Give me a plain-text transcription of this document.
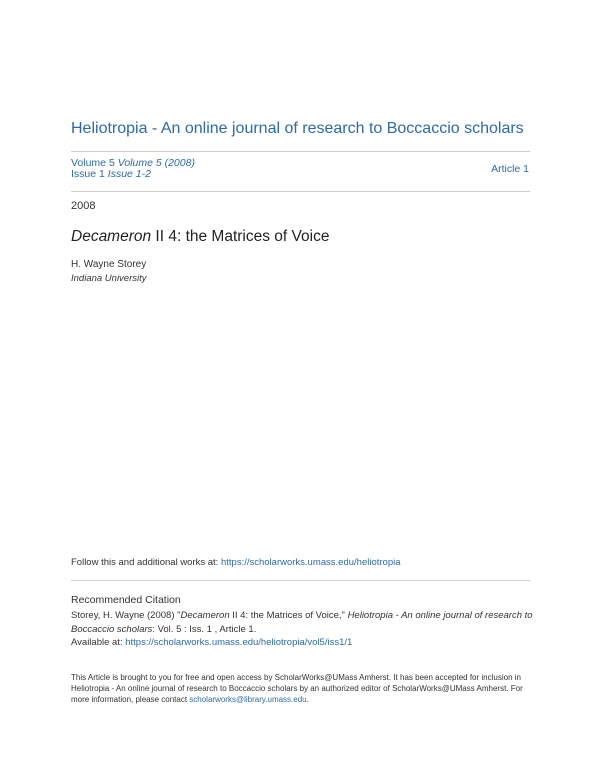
Heliotropia - An online journal of research to Boccaccio scholars
Volume 5 Volume 5 (2008)
Issue 1 Issue 1-2	Article 1
2008
Decameron II 4: the Matrices of Voice
H. Wayne Storey
Indiana University
Follow this and additional works at: https://scholarworks.umass.edu/heliotropia
Recommended Citation
Storey, H. Wayne (2008) "Decameron II 4: the Matrices of Voice," Heliotropia - An online journal of research to Boccaccio scholars: Vol. 5 : Iss. 1 , Article 1.
Available at: https://scholarworks.umass.edu/heliotropia/vol5/iss1/1
This Article is brought to you for free and open access by ScholarWorks@UMass Amherst. It has been accepted for inclusion in Heliotropia - An online journal of research to Boccaccio scholars by an authorized editor of ScholarWorks@UMass Amherst. For more information, please contact scholarworks@library.umass.edu.
